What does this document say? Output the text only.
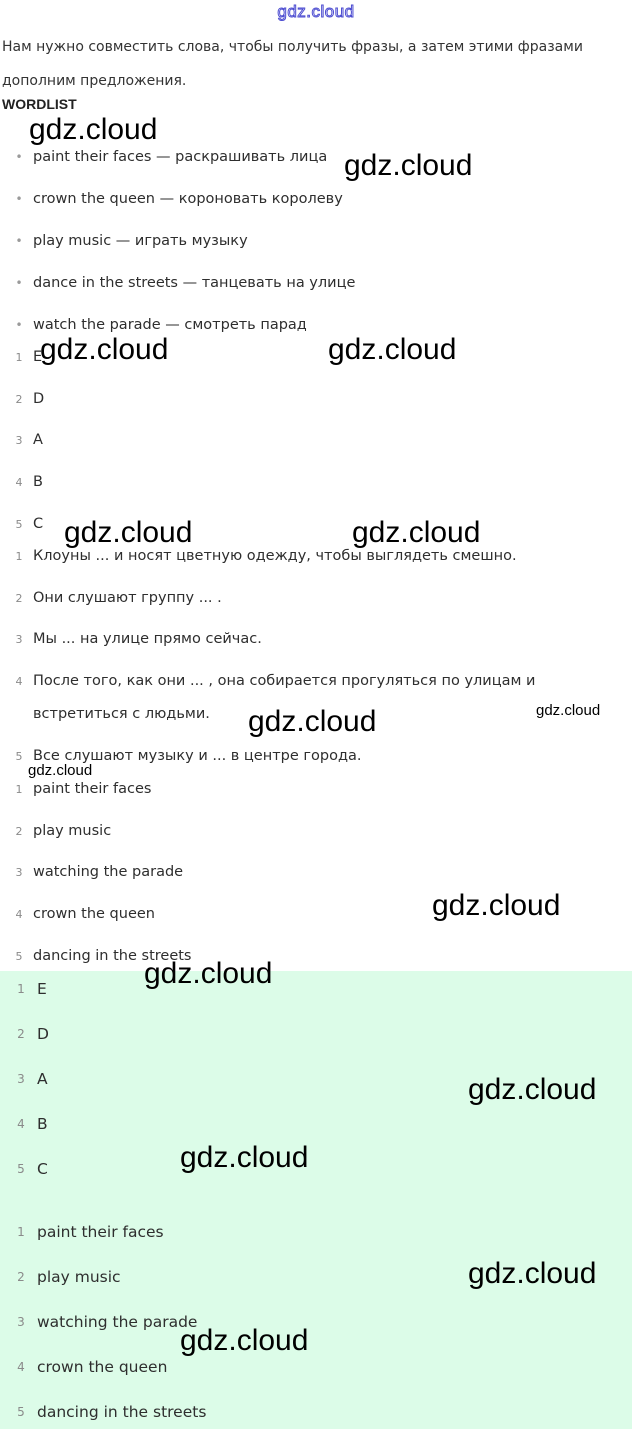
gdz.cloud
Нам нужно совместить слова, чтобы получить фразы, а затем этими фразами дополним предложения.
WORDLIST
• paint their faces — раскрашивать лица
• crown the queen — короновать королеву
• play music — играть музыку
• dance in the streets — танцевать на улице
• watch the parade — смотреть парад
1 E
2 D
3 A
4 B
5 C
1 Клоуны ... и носят цветную одежду, чтобы выглядеть смешно.
2 Они слушают группу ... .
3 Мы ... на улице прямо сейчас.
4 После того, как они ... , она собирается прогуляться по улицам и
встретиться с людьми.
5 Все слушают музыку и ... в центре города.
1 paint their faces
2 play music
3 watching the parade
4 crown the queen
5 dancing in the streets
1 E
2 D
3 A
4 B
5 C
1 paint their faces
2 play music
3 watching the parade
4 crown the queen
5 dancing in the streets
gdz.cloud
gdz.cloud
gdz.cloud	gdz.cloud
gdz.cloud	gdz.cloud
gdz.cloud	gdz.cloud
gdz.cloud
gdz.cloud
gdz.cloud
gdz.cloud
gdz.cloud
gdz.cloud
gdz.cloud
